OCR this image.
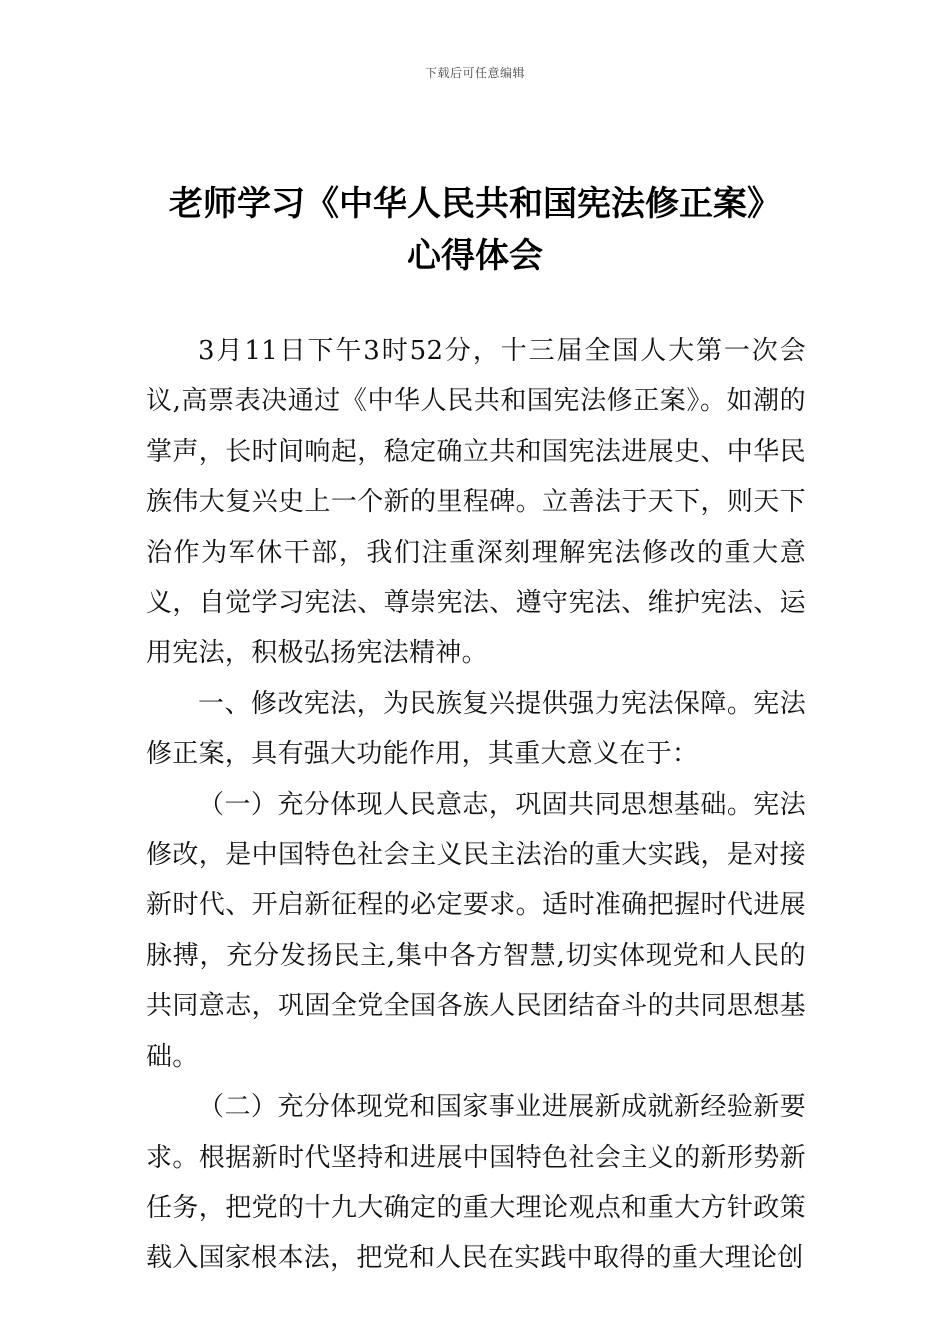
下载后可任意编辑
老师学习《中华人民共和国宪法修正案》
心得体会

3月11日下午3时52分，十三届全国人大第一次会议,高票表决通过《中华人民共和国宪法修正案》。如潮的掌声，长时间响起，稳定确立共和国宪法进展史、中华民族伟大复兴史上一个新的里程碑。立善法于天下，则天下治作为军休干部，我们注重深刻理解宪法修改的重大意义，自觉学习宪法、尊崇宪法、遵守宪法、维护宪法、运用宪法，积极弘扬宪法精神。

一、修改宪法，为民族复兴提供强力宪法保障。宪法修正案，具有强大功能作用，其重大意义在于：

（一）充分体现人民意志，巩固共同思想基础。宪法修改，是中国特色社会主义民主法治的重大实践，是对接新时代、开启新征程的必定要求。适时准确把握时代进展脉搏，充分发扬民主,集中各方智慧,切实体现党和人民的共同意志，巩固全党全国各族人民团结奋斗的共同思想基础。

（二）充分体现党和国家事业进展新成就新经验新要求。根据新时代坚持和进展中国特色社会主义的新形势新任务，把党的十九大确定的重大理论观点和重大方针政策载入国家根本法，把党和人民在实践中取得的重大理论创
